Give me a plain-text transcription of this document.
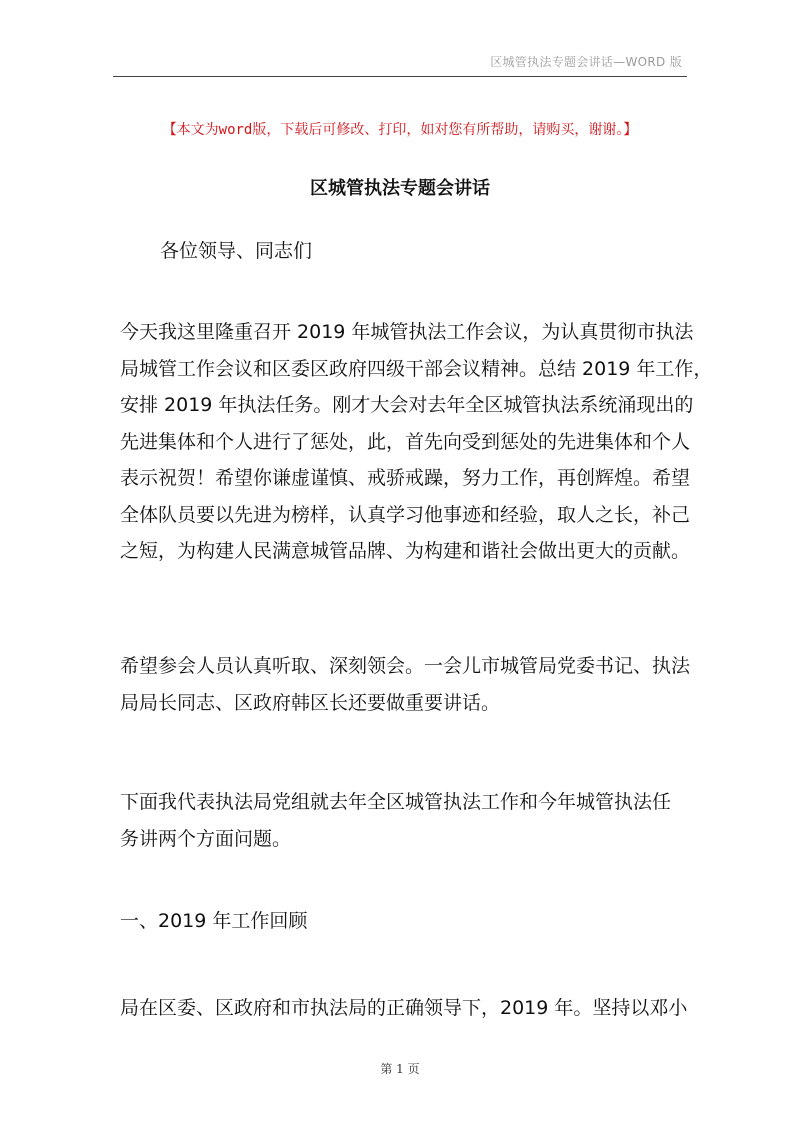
区城管执法专题会讲话—WORD 版
【本文为word版，下载后可修改、打印，如对您有所帮助，请购买，谢谢。】
区城管执法专题会讲话
各位领导、同志们
今天我这里隆重召开 2019 年城管执法工作会议，为认真贯彻市执法
局城管工作会议和区委区政府四级干部会议精神。总结 2019 年工作，
安排 2019 年执法任务。刚才大会对去年全区城管执法系统涌现出的
先进集体和个人进行了惩处，此，首先向受到惩处的先进集体和个人
表示祝贺！希望你谦虚谨慎、戒骄戒躁，努力工作，再创辉煌。希望
全体队员要以先进为榜样，认真学习他事迹和经验，取人之长，补己
之短，为构建人民满意城管品牌、为构建和谐社会做出更大的贡献。
希望参会人员认真听取、深刻领会。一会儿市城管局党委书记、执法
局局长同志、区政府韩区长还要做重要讲话。
下面我代表执法局党组就去年全区城管执法工作和今年城管执法任
务讲两个方面问题。
一、2019 年工作回顾
局在区委、区政府和市执法局的正确领导下，2019 年。坚持以邓小
第 1 页
